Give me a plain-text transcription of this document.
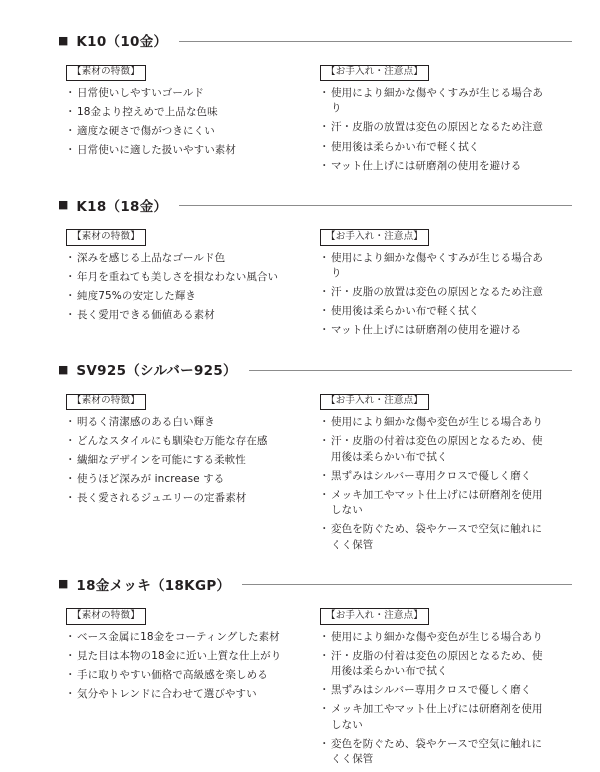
■ K10（10金）
【素材の特徴】
・ 日常使いしやすいゴールド
・ 18金より控えめで上品な色味
・ 適度な硬さで傷がつきにくい
・ 日常使いに適した扱いやすい素材
【お手入れ・注意点】
・ 使用により細かな傷やくすみが生じる場合あり
・ 汗・皮脂の放置は変色の原因となるため注意
・ 使用後は柔らかい布で軽く拭く
・ マット仕上げには研磨剤の使用を避ける
■ K18（18金）
【素材の特徴】
・ 深みを感じる上品なゴールド色
・ 年月を重ねても美しさを損なわない風合い
・ 純度75%の安定した輝き
・ 長く愛用できる価値ある素材
【お手入れ・注意点】
・ 使用により細かな傷やくすみが生じる場合あり
・ 汗・皮脂の放置は変色の原因となるため注意
・ 使用後は柔らかい布で軽く拭く
・ マット仕上げには研磨剤の使用を避ける
■ SV925（シルバー925）
【素材の特徴】
・ 明るく清潔感のある白い輝き
・ どんなスタイルにも馴染む万能な存在感
・ 繊細なデザインを可能にする柔軟性
・ 使うほど深みが increase する
・ 長く愛されるジュエリーの定番素材
【お手入れ・注意点】
・ 使用により細かな傷や変色が生じる場合あり
・ 汗・皮脂の付着は変色の原因となるため、使用後は柔らかい布で拭く
・ 黒ずみはシルバー専用クロスで優しく磨く
・ メッキ加工やマット仕上げには研磨剤を使用しない
・ 変色を防ぐため、袋やケースで空気に触れにくく保管
■ 18金メッキ（18KGP）
【素材の特徴】
・ ベース金属に18金をコーティングした素材
・ 見た目は本物の18金に近い上質な仕上がり
・ 手に取りやすい価格で高級感を楽しめる
・ 気分やトレンドに合わせて選びやすい
【お手入れ・注意点】
・ 使用により細かな傷や変色が生じる場合あり
・ 汗・皮脂の付着は変色の原因となるため、使用後は柔らかい布で拭く
・ 黒ずみはシルバー専用クロスで優しく磨く
・ メッキ加工やマット仕上げには研磨剤を使用しない
・ 変色を防ぐため、袋やケースで空気に触れにくく保管
